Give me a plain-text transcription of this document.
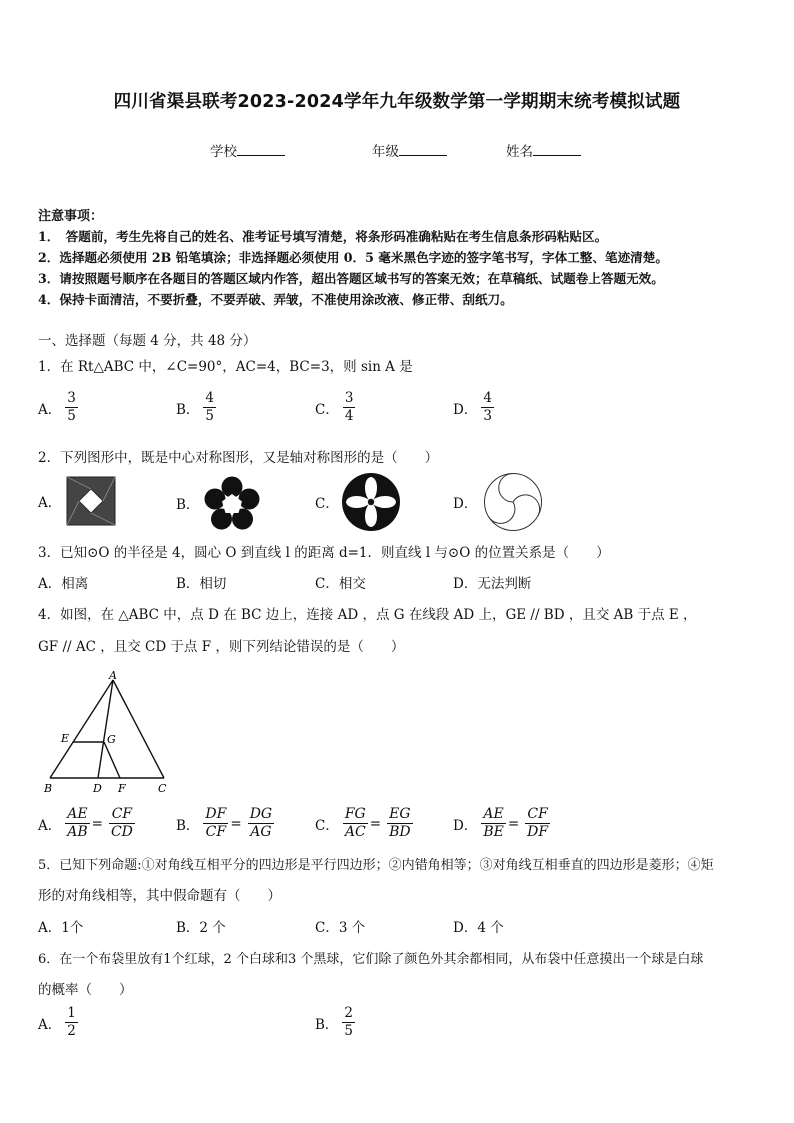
四川省渠县联考2023-2024学年九年级数学第一学期期末统考模拟试题
学校	年级	姓名
注意事项：
1．　答题前，考生先将自己的姓名、准考证号填写清楚，将条形码准确粘贴在考生信息条形码粘贴区。
2．选择题必须使用 2B 铅笔填涂；非选择题必须使用 0．5 毫米黑色字迹的签字笔书写，字体工整、笔迹清楚。
3．请按照题号顺序在各题目的答题区域内作答，超出答题区域书写的答案无效；在草稿纸、试题卷上答题无效。
4．保持卡面清洁，不要折叠，不要弄破、弄皱，不准使用涂改液、修正带、刮纸刀。
一、选择题（每题 4 分，共 48 分）
1．在 Rt△ABC 中，∠C=90°，AC=4，BC=3，则 sin A 是
A． $\frac{3}{5}$	B． $\frac{4}{5}$	C． $\frac{3}{4}$	D． $\frac{4}{3}$
2．下列图形中，既是中心对称图形，又是轴对称图形的是（　　）
A．	B．	C．	D．
3．已知⊙O 的半径是 4，圆心 O 到直线 l 的距离 d=1．则直线 l 与⊙O 的位置关系是（　　）
A．相离	B．相切	C．相交	D．无法判断
4．如图，在 △ABC 中，点 D 在 BC 边上，连接 AD ，点 G 在线段 AD 上，GE // BD ，且交 AB 于点 E ，
GF // AC ，且交 CD 于点 F ，则下列结论错误的是（　　）
A
E	G
B	D F	C
A． $\frac{AE}{AB} = \frac{CF}{CD}$	B． $\frac{DF}{CF} = \frac{DG}{AG}$	C． $\frac{FG}{AC} = \frac{EG}{BD}$	D． $\frac{AE}{BE} = \frac{CF}{DF}$
5．已知下列命题:①对角线互相平分的四边形是平行四边形；②内错角相等；③对角线互相垂直的四边形是菱形；④矩
形的对角线相等，其中假命题有（　　）
A．1个	B．2 个	C．3 个	D．4 个
6．在一个布袋里放有1个红球，2 个白球和3 个黑球，它们除了颜色外其余都相同，从布袋中任意摸出一个球是白球
的概率（　　）
A． $\frac{1}{2}$	B． $\frac{2}{5}$
